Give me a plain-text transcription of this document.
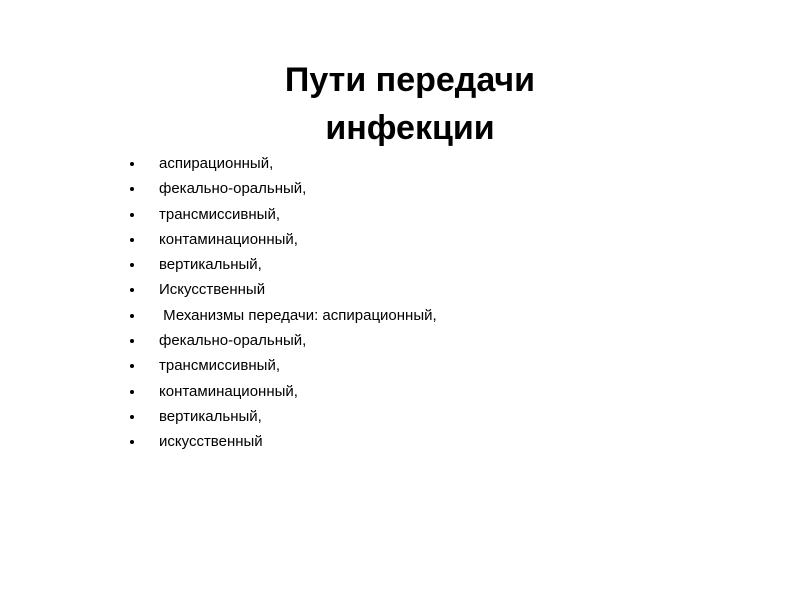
Пути передачи
инфекции
аспирационный,
фекально-оральный,
трансмиссивный,
контаминационный,
вертикальный,
Искусственный
Механизмы передачи: аспирационный,
фекально-оральный,
трансмиссивный,
контаминационный,
вертикальный,
искусственный
